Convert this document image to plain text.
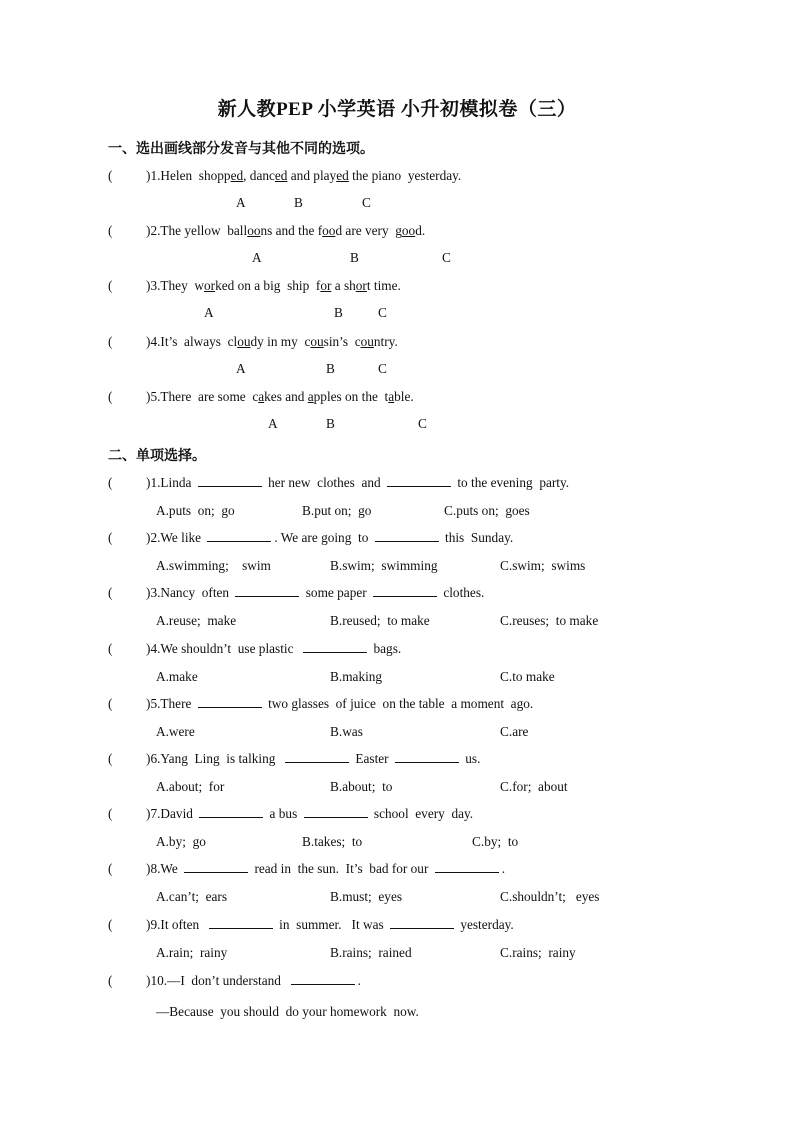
新人教PEP 小学英语 小升初模拟卷（三）
一、选出画线部分发音与其他不同的选项。
(	)1.Helen  shopped, danced and played the piano  yesterday.
A	B	C
(	)2.The yellow  balloons and the food are very  good.
A	B	C
(	)3.They  worked on a big  ship  for a short time.
A	B	C
(	)4.It’s  always  cloudy in my  cousin’s  country.
A	B	C
(	)5.There  are some  cakes and apples on the  table.
A	B	C
二、单项选择。
(	)1.Linda	her new  clothes  and	to the evening  party.
A.puts  on;  go	B.put on;  go	C.puts on;  goes
(	)2.We like	. We are going  to	this  Sunday.
A.swimming;    swim	B.swim;  swimming	C.swim;  swims
(	)3.Nancy  often	some paper	clothes.
A.reuse;  make	B.reused;  to make	C.reuses;  to make
(	)4.We shouldn’t  use plastic	bags.
A.make	B.making	C.to make
(	)5.There	two glasses  of juice  on the table  a moment  ago.
A.were	B.was	C.are
(	)6.Yang  Ling  is talking	Easter	us.
A.about;  for	B.about;  to	C.for;  about
(	)7.David	a bus	school  every  day.
A.by;  go	B.takes;  to	C.by;  to
(	)8.We	read in  the sun.  It’s  bad for our	.
A.can’t;  ears	B.must;  eyes	C.shouldn’t;   eyes
(	)9.It often	in  summer.   It was	yesterday.
A.rain;  rainy	B.rains;  rained	C.rains;  rainy
(	)10.—I  don’t understand	.
—Because  you should  do your homework  now.
